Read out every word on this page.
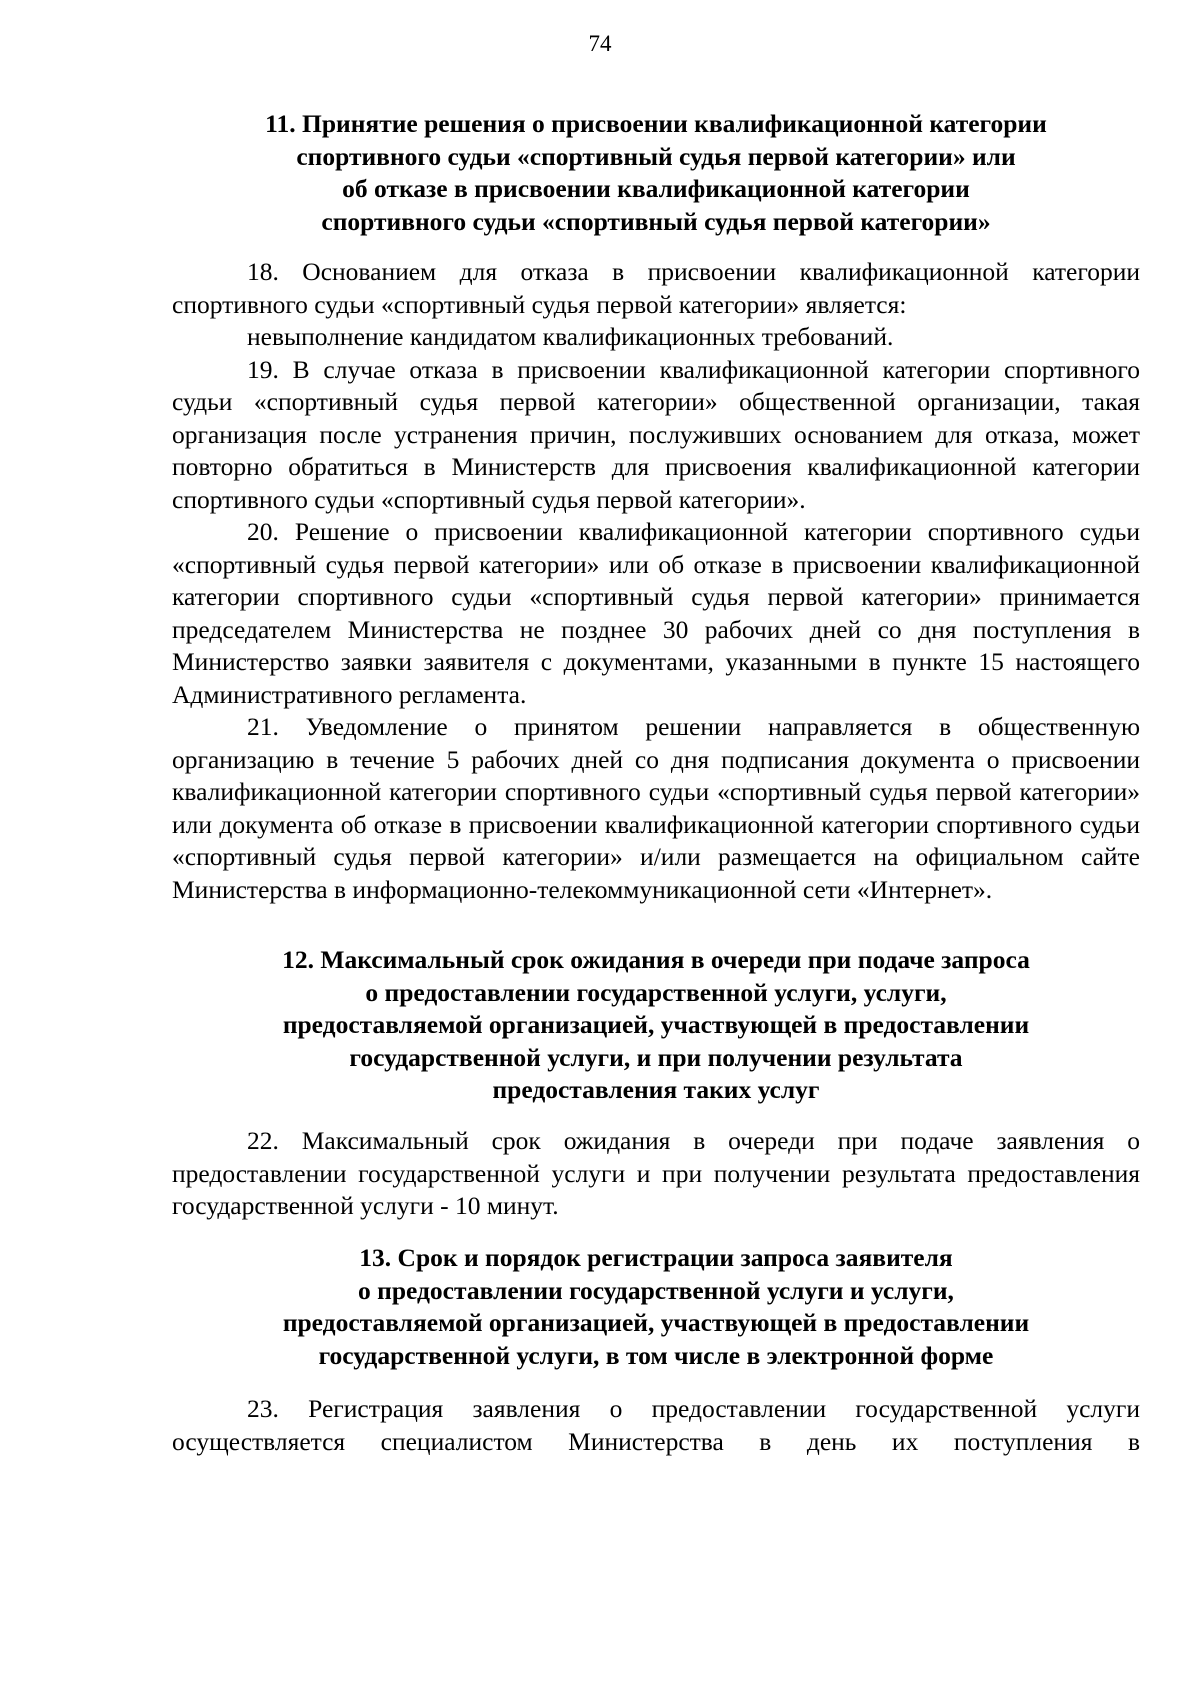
74
11. Принятие решения о присвоении квалификационной категории
спортивного судьи «спортивный судья первой категории» или
об отказе в присвоении квалификационной категории
спортивного судьи «спортивный судья первой категории»

18. Основанием для отказа в присвоении квалификационной категории спортивного судьи «спортивный судья первой категории» является:

невыполнение кандидатом квалификационных требований.

19. В случае отказа в присвоении квалификационной категории спортивного судьи «спортивный судья первой категории» общественной организации, такая организация после устранения причин, послуживших основанием для отказа, может повторно обратиться в Министерств для присвоения квалификационной категории спортивного судьи «спортивный судья первой категории».

20. Решение о присвоении квалификационной категории спортивного судьи «спортивный судья первой категории» или об отказе в присвоении квалификационной категории спортивного судьи «спортивный судья первой категории» принимается председателем Министерства не позднее 30 рабочих дней со дня поступления в Министерство заявки заявителя с документами, указанными в пункте 15 настоящего Административного регламента.

21. Уведомление о принятом решении направляется в общественную организацию в течение 5 рабочих дней со дня подписания документа о присвоении квалификационной категории спортивного судьи «спортивный судья первой категории» или документа об отказе в присвоении квалификационной категории спортивного судьи «спортивный судья первой категории» и/или размещается на официальном сайте Министерства в информационно-телекоммуникационной сети «Интернет».

12. Максимальный срок ожидания в очереди при подаче запроса
о предоставлении государственной услуги, услуги,
предоставляемой организацией, участвующей в предоставлении
государственной услуги, и при получении результата
предоставления таких услуг

22. Максимальный срок ожидания в очереди при подаче заявления о предоставлении государственной услуги и при получении результата предоставления государственной услуги - 10 минут.

13. Срок и порядок регистрации запроса заявителя
о предоставлении государственной услуги и услуги,
предоставляемой организацией, участвующей в предоставлении
государственной услуги, в том числе в электронной форме

23. Регистрация заявления о предоставлении государственной услуги осуществляется специалистом Министерства в день их поступления в
